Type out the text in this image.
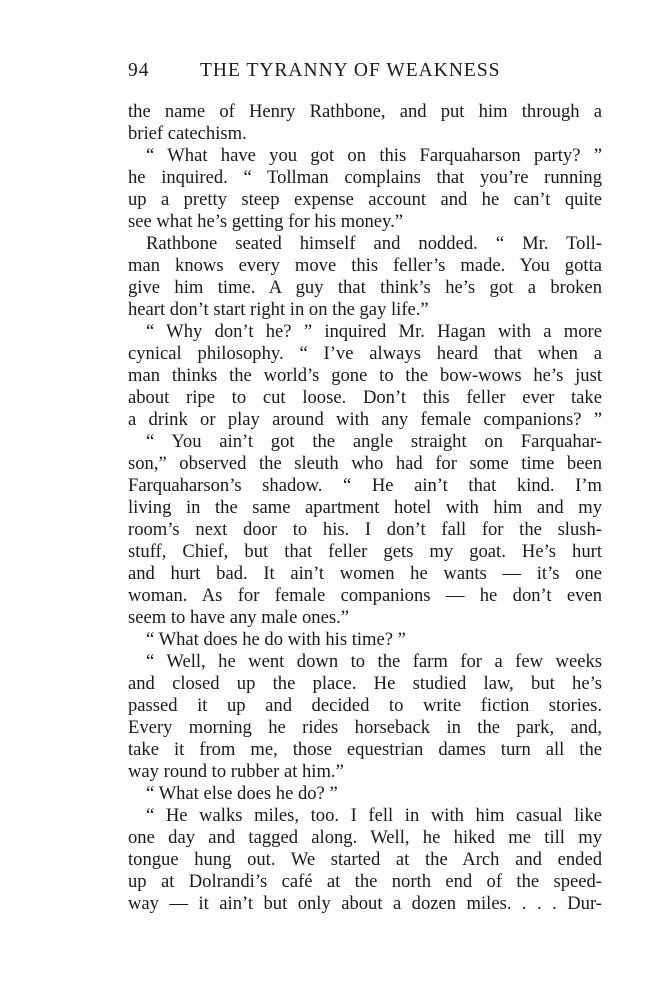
94	THE TYRANNY OF WEAKNESS
the name of Henry Rathbone, and put him through a
brief catechism.
“ What have you got on this Farquaharson party? ”
he inquired. “ Tollman complains that you’re running
up a pretty steep expense account and he can’t quite
see what he’s getting for his money.”
Rathbone seated himself and nodded. “ Mr. Toll-
man knows every move this feller’s made. You gotta
give him time. A guy that think’s he’s got a broken
heart don’t start right in on the gay life.”
“ Why don’t he? ” inquired Mr. Hagan with a more
cynical philosophy. “ I’ve always heard that when a
man thinks the world’s gone to the bow-wows he’s just
about ripe to cut loose. Don’t this feller ever take
a drink or play around with any female companions? ”
“ You ain’t got the angle straight on Farquahar-
son,” observed the sleuth who had for some time been
Farquaharson’s shadow. “ He ain’t that kind. I’m
living in the same apartment hotel with him and my
room’s next door to his. I don’t fall for the slush-
stuff, Chief, but that feller gets my goat. He’s hurt
and hurt bad. It ain’t women he wants — it’s one
woman. As for female companions — he don’t even
seem to have any male ones.”
“ What does he do with his time? ”
“ Well, he went down to the farm for a few weeks
and closed up the place. He studied law, but he’s
passed it up and decided to write fiction stories.
Every morning he rides horseback in the park, and,
take it from me, those equestrian dames turn all the
way round to rubber at him.”
“ What else does he do? ”
“ He walks miles, too. I fell in with him casual like
one day and tagged along. Well, he hiked me till my
tongue hung out. We started at the Arch and ended
up at Dolrandi’s café at the north end of the speed-
way — it ain’t but only about a dozen miles. . . . Dur-
